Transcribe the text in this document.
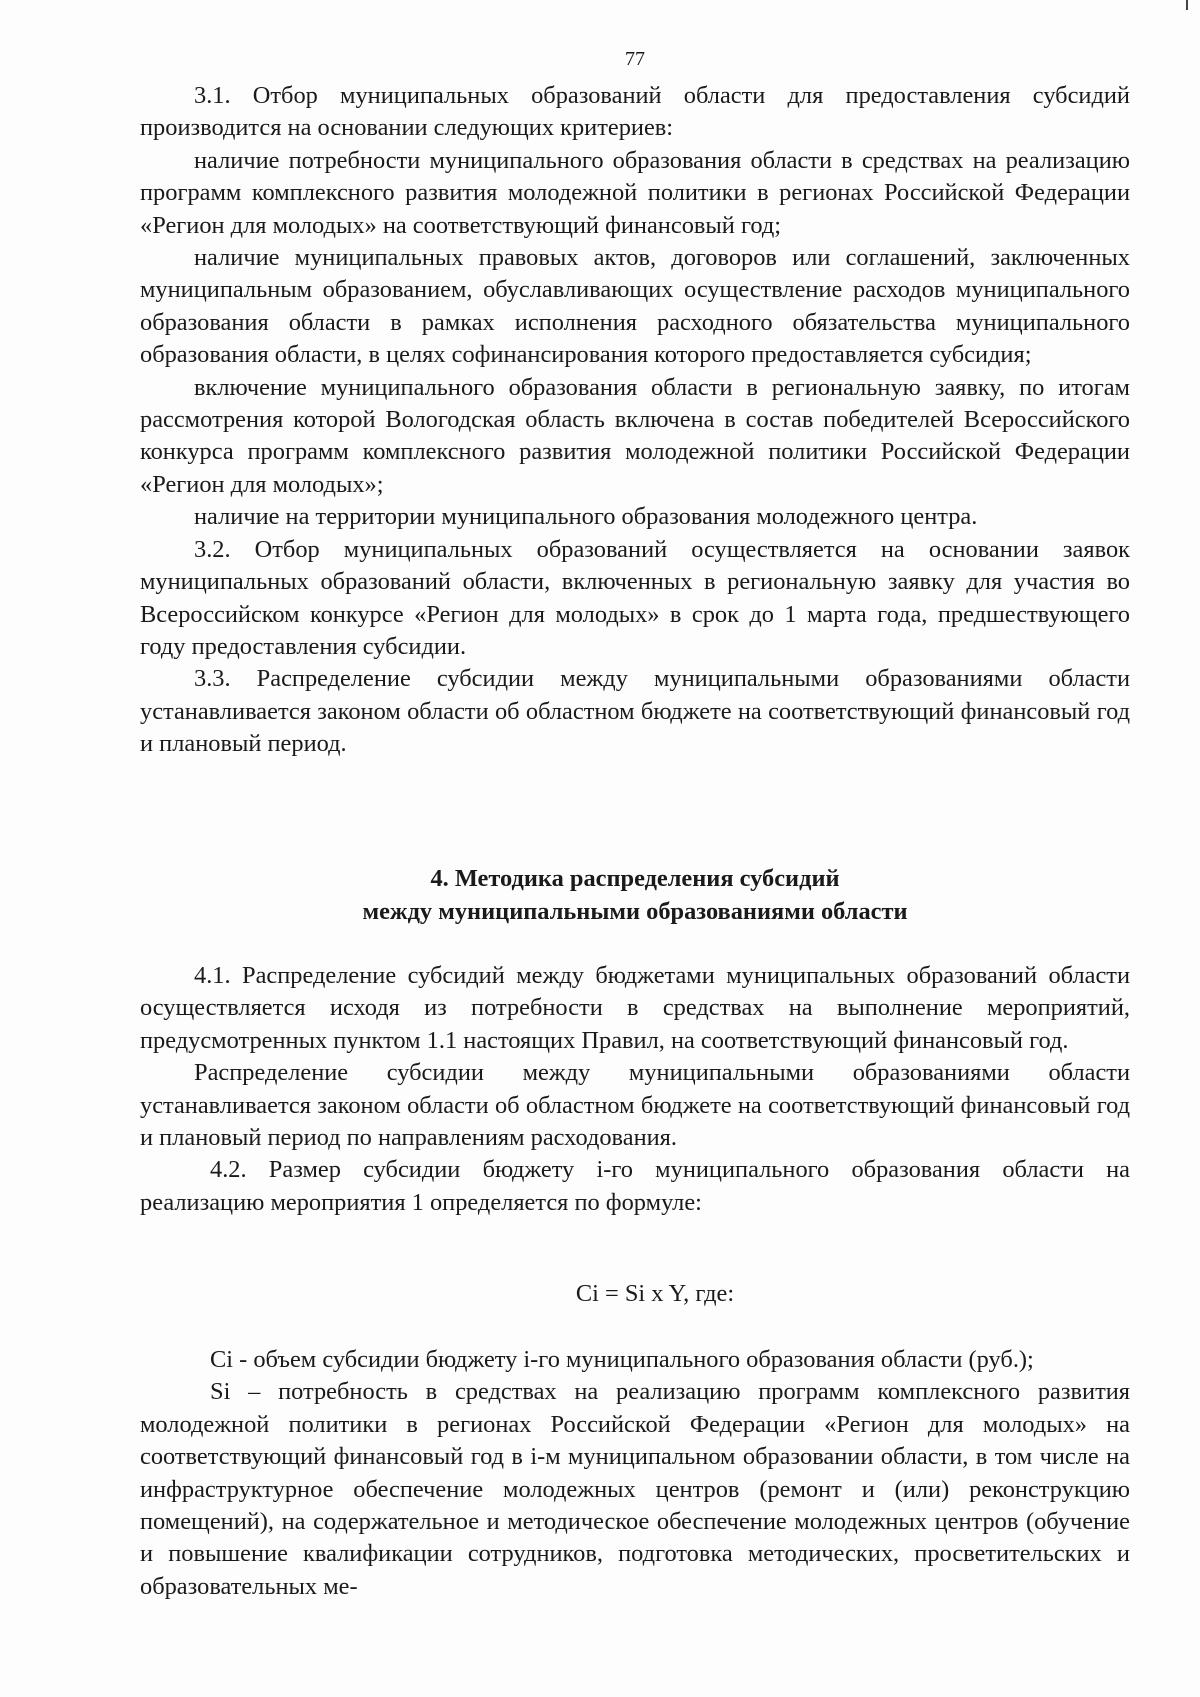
77

3.1. Отбор муниципальных образований области для предоставления субсидий производится на основании следующих критериев:

наличие потребности муниципального образования области в средствах на реализацию программ комплексного развития молодежной политики в регионах Российской Федерации «Регион для молодых» на соответствующий финансовый год;

наличие муниципальных правовых актов, договоров или соглашений, заключенных муниципальным образованием, обуславливающих осуществление расходов муниципального образования области в рамках исполнения расходного обязательства муниципального образования области, в целях софинансирования которого предоставляется субсидия;

включение муниципального образования области в региональную заявку, по итогам рассмотрения которой Вологодская область включена в состав победителей Всероссийского конкурса программ комплексного развития молодежной политики Российской Федерации «Регион для молодых»;

наличие на территории муниципального образования молодежного центра.

3.2. Отбор муниципальных образований осуществляется на основании заявок муниципальных образований области, включенных в региональную заявку для участия во Всероссийском конкурсе «Регион для молодых» в срок до 1 марта года, предшествующего году предоставления субсидии.

3.3. Распределение субсидии между муниципальными образованиями области устанавливается законом области об областном бюджете на соответствующий финансовый год и плановый период.

4. Методика распределения субсидий
между муниципальными образованиями области

4.1. Распределение субсидий между бюджетами муниципальных образований области осуществляется исходя из потребности в средствах на выполнение мероприятий, предусмотренных пунктом 1.1 настоящих Правил, на соответствующий финансовый год.

Распределение субсидии между муниципальными образованиями области устанавливается законом области об областном бюджете на соответствующий финансовый год и плановый период по направлениям расходования.

4.2. Размер субсидии бюджету i-го муниципального образования области на реализацию мероприятия 1 определяется по формуле:

Ci = Si x Y, где:

Ci - объем субсидии бюджету i-го муниципального образования области (руб.);

Si – потребность в средствах на реализацию программ комплексного развития молодежной политики в регионах Российской Федерации «Регион для молодых» на соответствующий финансовый год в i-м муниципальном образовании области, в том числе на инфраструктурное обеспечение молодежных центров (ремонт и (или) реконструкцию помещений), на содержательное и методическое обеспечение молодежных центров (обучение и повышение квалификации сотрудников, подготовка методических, просветительских и образовательных ме-
